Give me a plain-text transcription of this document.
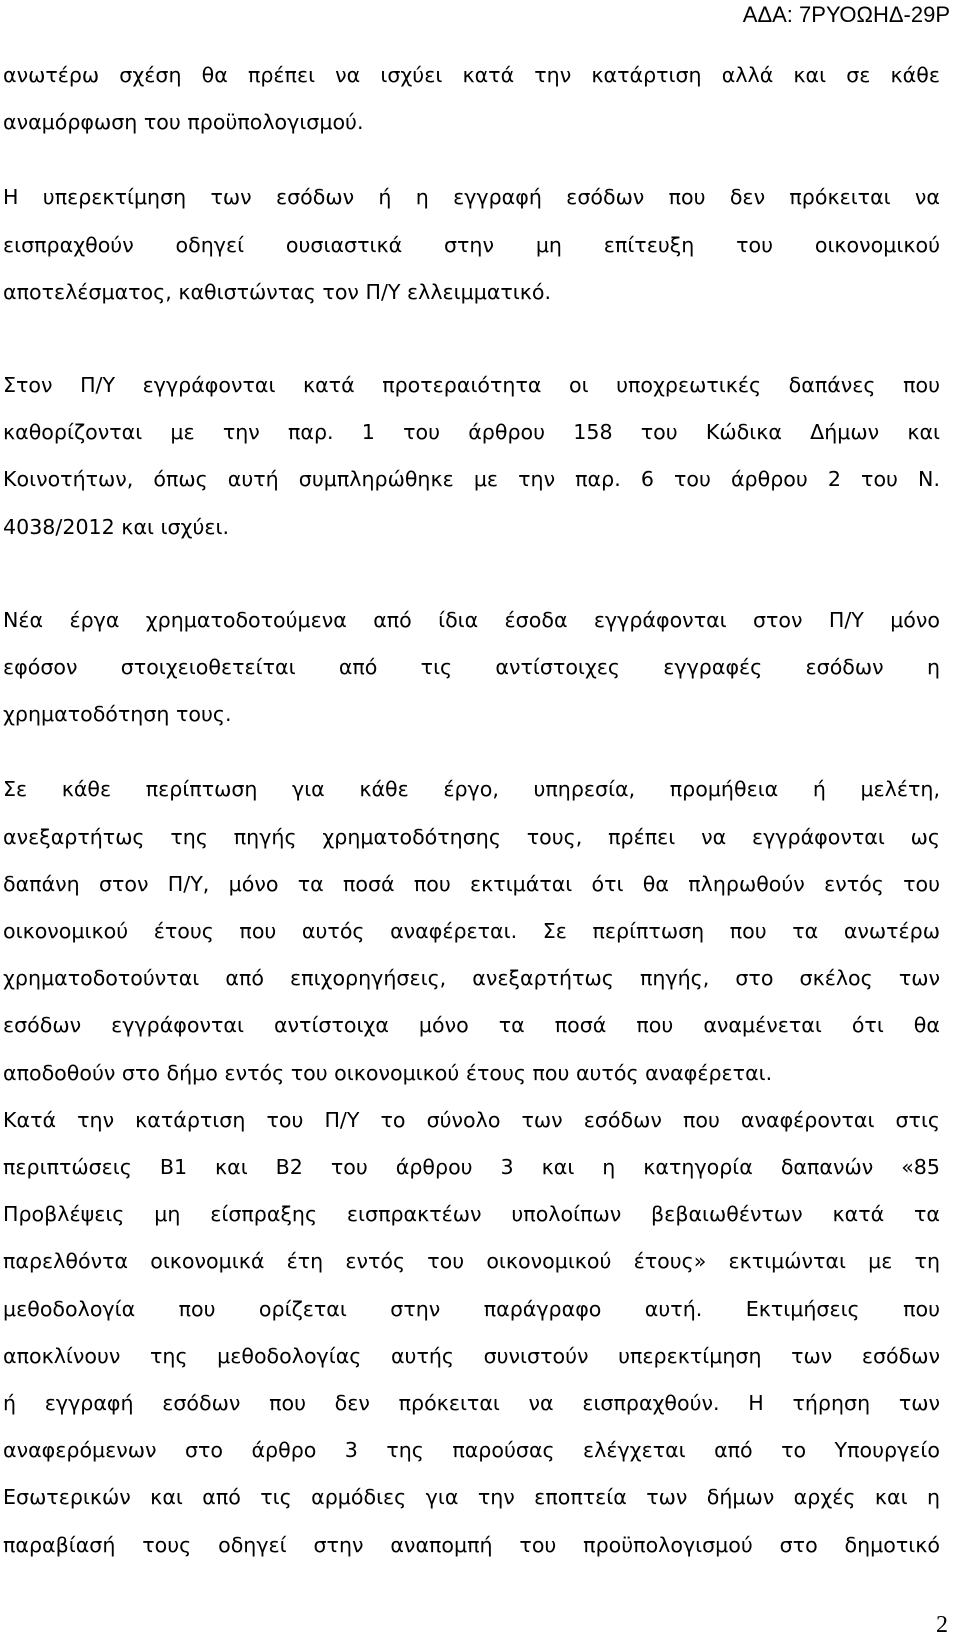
ΑΔΑ: 7ΡΥΟΩΗΔ-29Ρ
ανωτέρω σχέση θα πρέπει να ισχύει κατά την κατάρτιση αλλά και σε κάθε
αναμόρφωση του προϋπολογισμού.
Η υπερεκτίμηση των εσόδων ή η εγγραφή εσόδων που δεν πρόκειται να
εισπραχθούν οδηγεί ουσιαστικά στην μη επίτευξη του οικονομικού
αποτελέσματος, καθιστώντας τον Π/Υ ελλειμματικό.
Στον Π/Υ εγγράφονται κατά προτεραιότητα οι υποχρεωτικές δαπάνες που
καθορίζονται με την παρ. 1 του άρθρου 158 του Κώδικα Δήμων και
Κοινοτήτων, όπως αυτή συμπληρώθηκε με την παρ. 6 του άρθρου 2 του Ν.
4038/2012 και ισχύει.
Νέα έργα χρηματοδοτούμενα από ίδια έσοδα εγγράφονται στον Π/Υ μόνο
εφόσον στοιχειοθετείται από τις αντίστοιχες εγγραφές εσόδων η
χρηματοδότηση τους.
Σε κάθε περίπτωση για κάθε έργο, υπηρεσία, προμήθεια ή μελέτη,
ανεξαρτήτως της πηγής χρηματοδότησης τους, πρέπει να εγγράφονται ως
δαπάνη στον Π/Υ, μόνο τα ποσά που εκτιμάται ότι θα πληρωθούν εντός του
οικονομικού έτους που αυτός αναφέρεται. Σε περίπτωση που τα ανωτέρω
χρηματοδοτούνται από επιχορηγήσεις, ανεξαρτήτως πηγής, στο σκέλος των
εσόδων εγγράφονται αντίστοιχα μόνο τα ποσά που αναμένεται ότι θα
αποδοθούν στο δήμο εντός του οικονομικού έτους που αυτός αναφέρεται.
Κατά την κατάρτιση του Π/Υ το σύνολο των εσόδων που αναφέρονται στις
περιπτώσεις Β1 και Β2 του άρθρου 3 και η κατηγορία δαπανών «85
Προβλέψεις μη είσπραξης εισπρακτέων υπολοίπων βεβαιωθέντων κατά τα
παρελθόντα οικονομικά έτη εντός του οικονομικού έτους» εκτιμώνται με τη
μεθοδολογία που ορίζεται στην παράγραφο αυτή. Εκτιμήσεις που
αποκλίνουν της μεθοδολογίας αυτής συνιστούν υπερεκτίμηση των εσόδων
ή εγγραφή εσόδων που δεν πρόκειται να εισπραχθούν. Η τήρηση των
αναφερόμενων στο άρθρο 3 της παρούσας ελέγχεται από το Υπουργείο
Εσωτερικών και από τις αρμόδιες για την εποπτεία των δήμων αρχές και η
παραβίασή τους οδηγεί στην αναπομπή του προϋπολογισμού στο δημοτικό
2
